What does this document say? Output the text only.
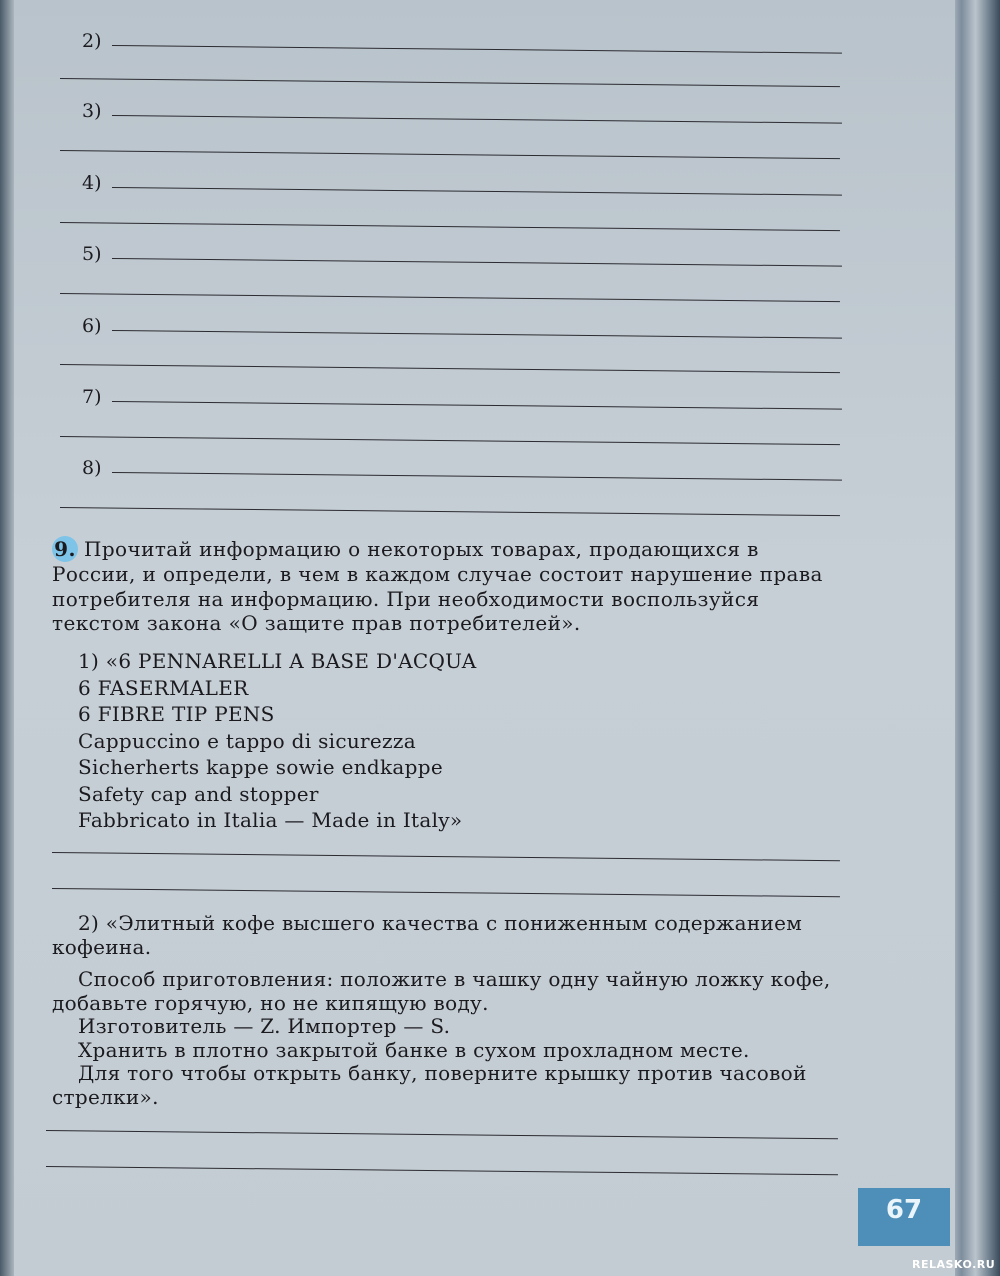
2)
3)
4)
5)
6)
7)
8)
9. Прочитай информацию о некоторых товарах, продающихся в России, и определи, в чем в каждом случае состоит нарушение права потребителя на информацию. При необходимости воспользуйся текстом закона «О защите прав потребителей».
1) «6 PENNARELLI A BASE D'ACQUA
6 FASERMALER
6 FIBRE TIP PENS
Cappuccino e tappo di sicurezza
Sicherherts kappe sowie endkappe
Safety cap and stopper
Fabbricato in Italia — Made in Italy»

2) «Элитный кофе высшего качества с пониженным содержанием кофеина.

Способ приготовления: положите в чашку одну чайную ложку кофе, добавьте горячую, но не кипящую воду.

Изготовитель — Z. Импортер — S.

Хранить в плотно закрытой банке в сухом прохладном месте.

Для того чтобы открыть банку, поверните крышку против часовой стрелки».

67
RELASKO.RU
